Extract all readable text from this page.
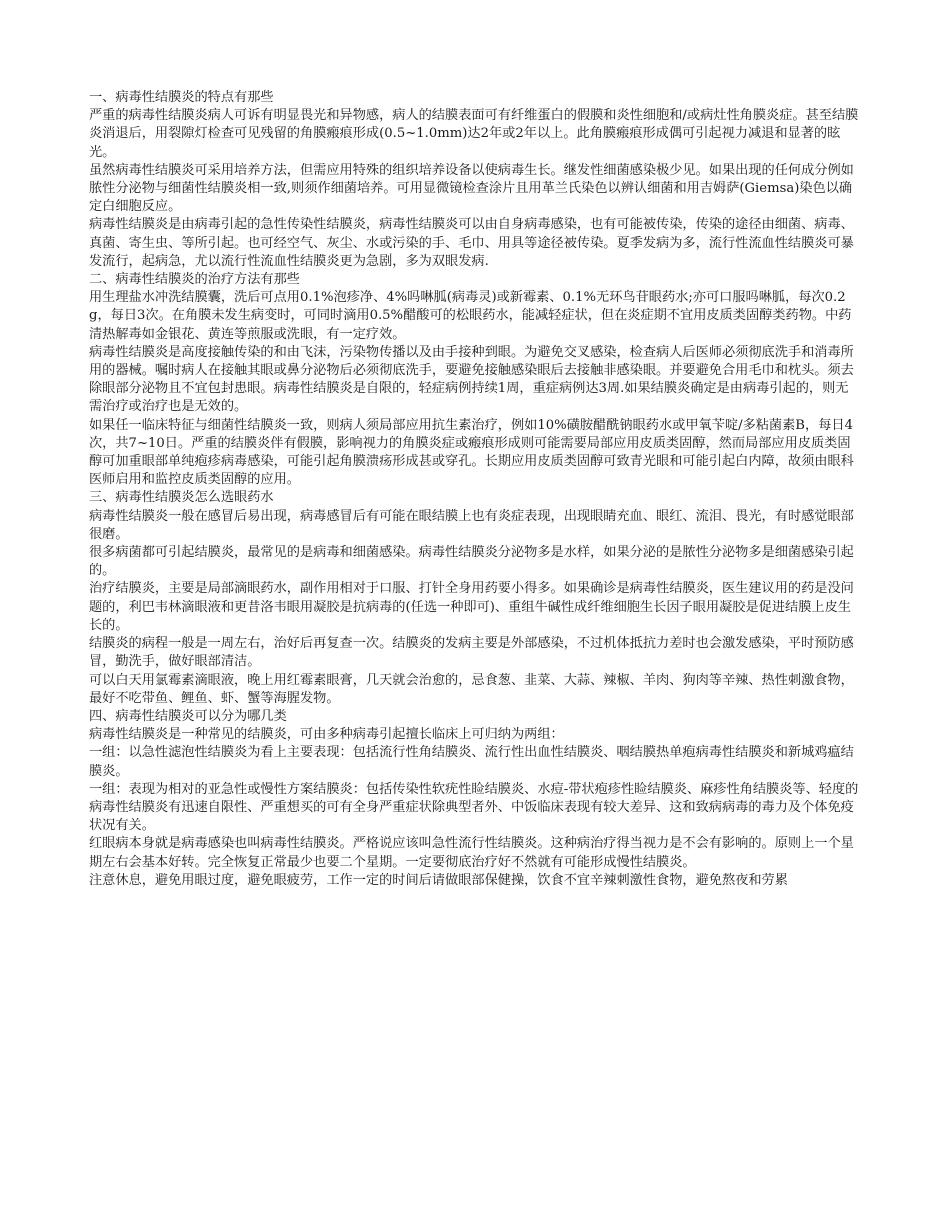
一、病毒性结膜炎的特点有那些
严重的病毒性结膜炎病人可诉有明显畏光和异物感，病人的结膜表面可有纤维蛋白的假膜和炎性细胞和/或病灶性角膜炎症。甚至结膜炎消退后，用裂隙灯检查可见残留的角膜瘢痕形成(0.5~1.0mm)达2年或2年以上。此角膜瘢痕形成偶可引起视力减退和显著的眩光。
虽然病毒性结膜炎可采用培养方法，但需应用特殊的组织培养设备以使病毒生长。继发性细菌感染极少见。如果出现的任何成分例如脓性分泌物与细菌性结膜炎相一致,则须作细菌培养。可用显微镜检查涂片且用革兰氏染色以辨认细菌和用吉姆萨(Giemsa)染色以确定白细胞反应。
病毒性结膜炎是由病毒引起的急性传染性结膜炎，病毒性结膜炎可以由自身病毒感染，也有可能被传染，传染的途径由细菌、病毒、真菌、寄生虫、等所引起。也可经空气、灰尘、水或污染的手、毛巾、用具等途径被传染。夏季发病为多，流行性流血性结膜炎可暴发流行，起病急，尤以流行性流血性结膜炎更为急剧，多为双眼发病.
二、病毒性结膜炎的治疗方法有那些
用生理盐水冲洗结膜囊，洗后可点用0.1%泡疹净、4%吗啉胍(病毒灵)或新霉素、0.1%无环鸟苷眼药水;亦可口服吗啉胍，每次0.2g，每日3次。在角膜未发生病变时，可同时滴用0.5%醋酸可的松眼药水，能减轻症状，但在炎症期不宜用皮质类固醇类药物。中药清热解毒如金银花、黄连等煎服或洗眼，有一定疗效。
病毒性结膜炎是高度接触传染的和由飞沫，污染物传播以及由手接种到眼。为避免交叉感染，检查病人后医师必须彻底洗手和消毒所用的器械。嘱时病人在接触其眼或鼻分泌物后必须彻底洗手，要避免接触感染眼后去接触非感染眼。并要避免合用毛巾和枕头。须去除眼部分泌物且不宜包封患眼。病毒性结膜炎是自限的，轻症病例持续1周，重症病例达3周.如果结膜炎确定是由病毒引起的，则无需治疗或治疗也是无效的。
如果任一临床特征与细菌性结膜炎一致，则病人须局部应用抗生素治疗，例如10%磺胺醋酰钠眼药水或甲氧苄啶/多粘菌素B，每日4次，共7~10日。严重的结膜炎伴有假膜，影响视力的角膜炎症或瘢痕形成则可能需要局部应用皮质类固醇，然而局部应用皮质类固醇可加重眼部单纯疱疹病毒感染，可能引起角膜溃疡形成甚或穿孔。长期应用皮质类固醇可致青光眼和可能引起白内障，故须由眼科医师启用和监控皮质类固醇的应用。
三、病毒性结膜炎怎么选眼药水
病毒性结膜炎一般在感冒后易出现，病毒感冒后有可能在眼结膜上也有炎症表现，出现眼睛充血、眼红、流泪、畏光，有时感觉眼部很磨。
很多病菌都可引起结膜炎，最常见的是病毒和细菌感染。病毒性结膜炎分泌物多是水样，如果分泌的是脓性分泌物多是细菌感染引起的。
治疗结膜炎，主要是局部滴眼药水，副作用相对于口服、打针全身用药要小得多。如果确诊是病毒性结膜炎，医生建议用的药是没问题的，利巴韦林滴眼液和更昔洛韦眼用凝胶是抗病毒的(任选一种即可)、重组牛碱性成纤维细胞生长因子眼用凝胶是促进结膜上皮生长的。
结膜炎的病程一般是一周左右，治好后再复查一次。结膜炎的发病主要是外部感染，不过机体抵抗力差时也会激发感染，平时预防感冒，勤洗手，做好眼部清洁。
可以白天用氯霉素滴眼液，晚上用红霉素眼膏，几天就会治愈的，忌食葱、韭菜、大蒜、辣椒、羊肉、狗肉等辛辣、热性刺激食物，最好不吃带鱼、鲤鱼、虾、蟹等海腥发物。
四、病毒性结膜炎可以分为哪几类
病毒性结膜炎是一种常见的结膜炎，可由多种病毒引起擅长临床上可归纳为两组：
一组：以急性滤泡性结膜炎为看上主要表现：包括流行性角结膜炎、流行性出血性结膜炎、咽结膜热单疱病毒性结膜炎和新城鸡瘟结膜炎。
一组：表现为相对的亚急性或慢性方案结膜炎：包括传染性软疣性睑结膜炎、水痘-带状疱疹性睑结膜炎、麻疹性角结膜炎等、轻度的病毒性结膜炎有迅速自限性、严重想买的可有全身严重症状除典型者外、中饭临床表现有较大差异、这和致病病毒的毒力及个体免疫状况有关。
红眼病本身就是病毒感染也叫病毒性结膜炎。严格说应该叫急性流行性结膜炎。这种病治疗得当视力是不会有影响的。原则上一个星期左右会基本好转。完全恢复正常最少也要二个星期。一定要彻底治疗好不然就有可能形成慢性结膜炎。
注意休息，避免用眼过度，避免眼疲劳，工作一定的时间后请做眼部保健操，饮食不宜辛辣刺激性食物，避免熬夜和劳累
